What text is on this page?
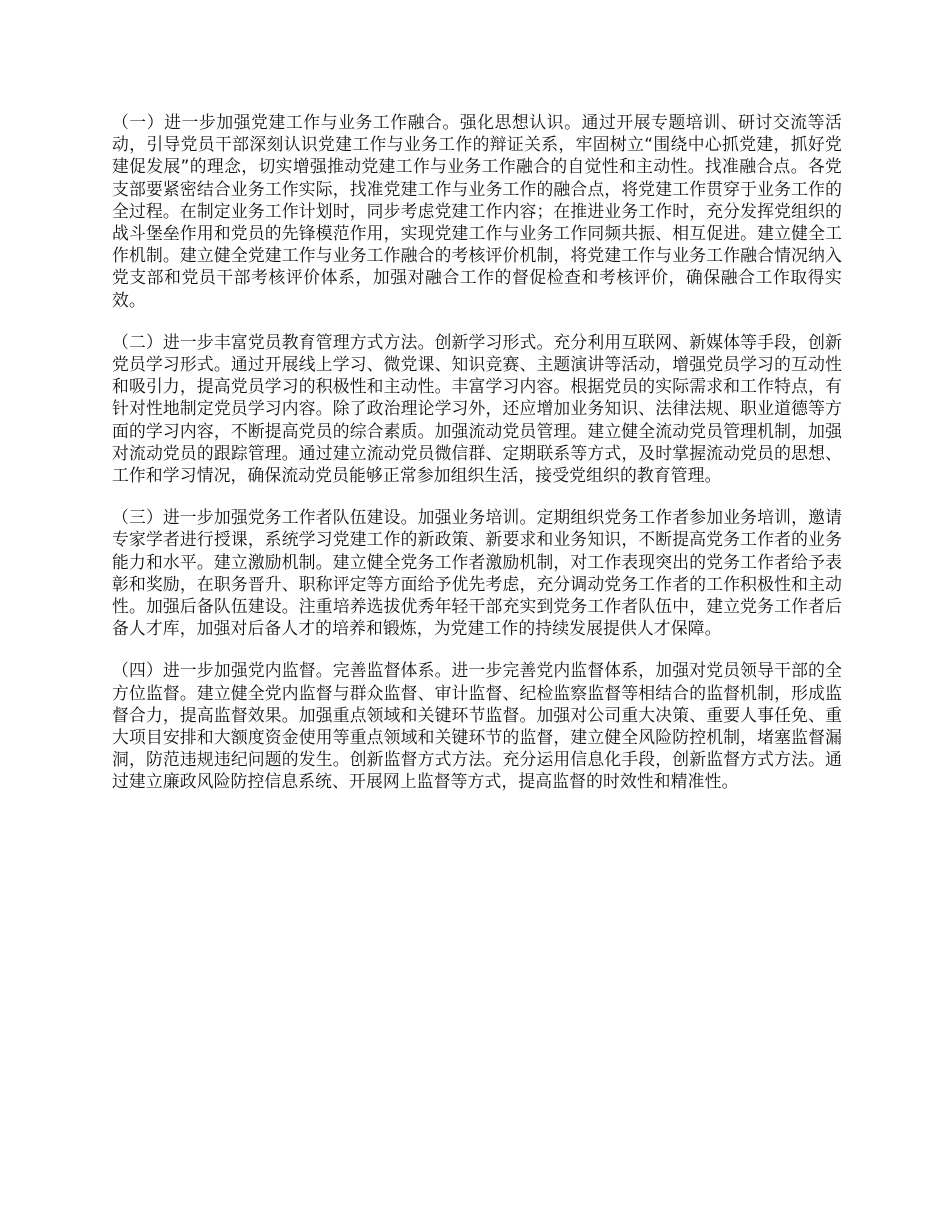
（一）进一步加强党建工作与业务工作融合。强化思想认识。通过开展专题培训、研讨交流等活动，引导党员干部深刻认识党建工作与业务工作的辩证关系，牢固树立“围绕中心抓党建，抓好党建促发展”的理念，切实增强推动党建工作与业务工作融合的自觉性和主动性。找准融合点。各党支部要紧密结合业务工作实际，找准党建工作与业务工作的融合点，将党建工作贯穿于业务工作的全过程。在制定业务工作计划时，同步考虑党建工作内容；在推进业务工作时，充分发挥党组织的战斗堡垒作用和党员的先锋模范作用，实现党建工作与业务工作同频共振、相互促进。建立健全工作机制。建立健全党建工作与业务工作融合的考核评价机制，将党建工作与业务工作融合情况纳入党支部和党员干部考核评价体系，加强对融合工作的督促检查和考核评价，确保融合工作取得实效。

（二）进一步丰富党员教育管理方式方法。创新学习形式。充分利用互联网、新媒体等手段，创新党员学习形式。通过开展线上学习、微党课、知识竞赛、主题演讲等活动，增强党员学习的互动性和吸引力，提高党员学习的积极性和主动性。丰富学习内容。根据党员的实际需求和工作特点，有针对性地制定党员学习内容。除了政治理论学习外，还应增加业务知识、法律法规、职业道德等方面的学习内容，不断提高党员的综合素质。加强流动党员管理。建立健全流动党员管理机制，加强对流动党员的跟踪管理。通过建立流动党员微信群、定期联系等方式，及时掌握流动党员的思想、工作和学习情况，确保流动党员能够正常参加组织生活，接受党组织的教育管理。

（三）进一步加强党务工作者队伍建设。加强业务培训。定期组织党务工作者参加业务培训，邀请专家学者进行授课，系统学习党建工作的新政策、新要求和业务知识，不断提高党务工作者的业务能力和水平。建立激励机制。建立健全党务工作者激励机制，对工作表现突出的党务工作者给予表彰和奖励，在职务晋升、职称评定等方面给予优先考虑，充分调动党务工作者的工作积极性和主动性。加强后备队伍建设。注重培养选拔优秀年轻干部充实到党务工作者队伍中，建立党务工作者后备人才库，加强对后备人才的培养和锻炼，为党建工作的持续发展提供人才保障。

（四）进一步加强党内监督。完善监督体系。进一步完善党内监督体系，加强对党员领导干部的全方位监督。建立健全党内监督与群众监督、审计监督、纪检监察监督等相结合的监督机制，形成监督合力，提高监督效果。加强重点领域和关键环节监督。加强对公司重大决策、重要人事任免、重大项目安排和大额度资金使用等重点领域和关键环节的监督，建立健全风险防控机制，堵塞监督漏洞，防范违规违纪问题的发生。创新监督方式方法。充分运用信息化手段，创新监督方式方法。通过建立廉政风险防控信息系统、开展网上监督等方式，提高监督的时效性和精准性。
